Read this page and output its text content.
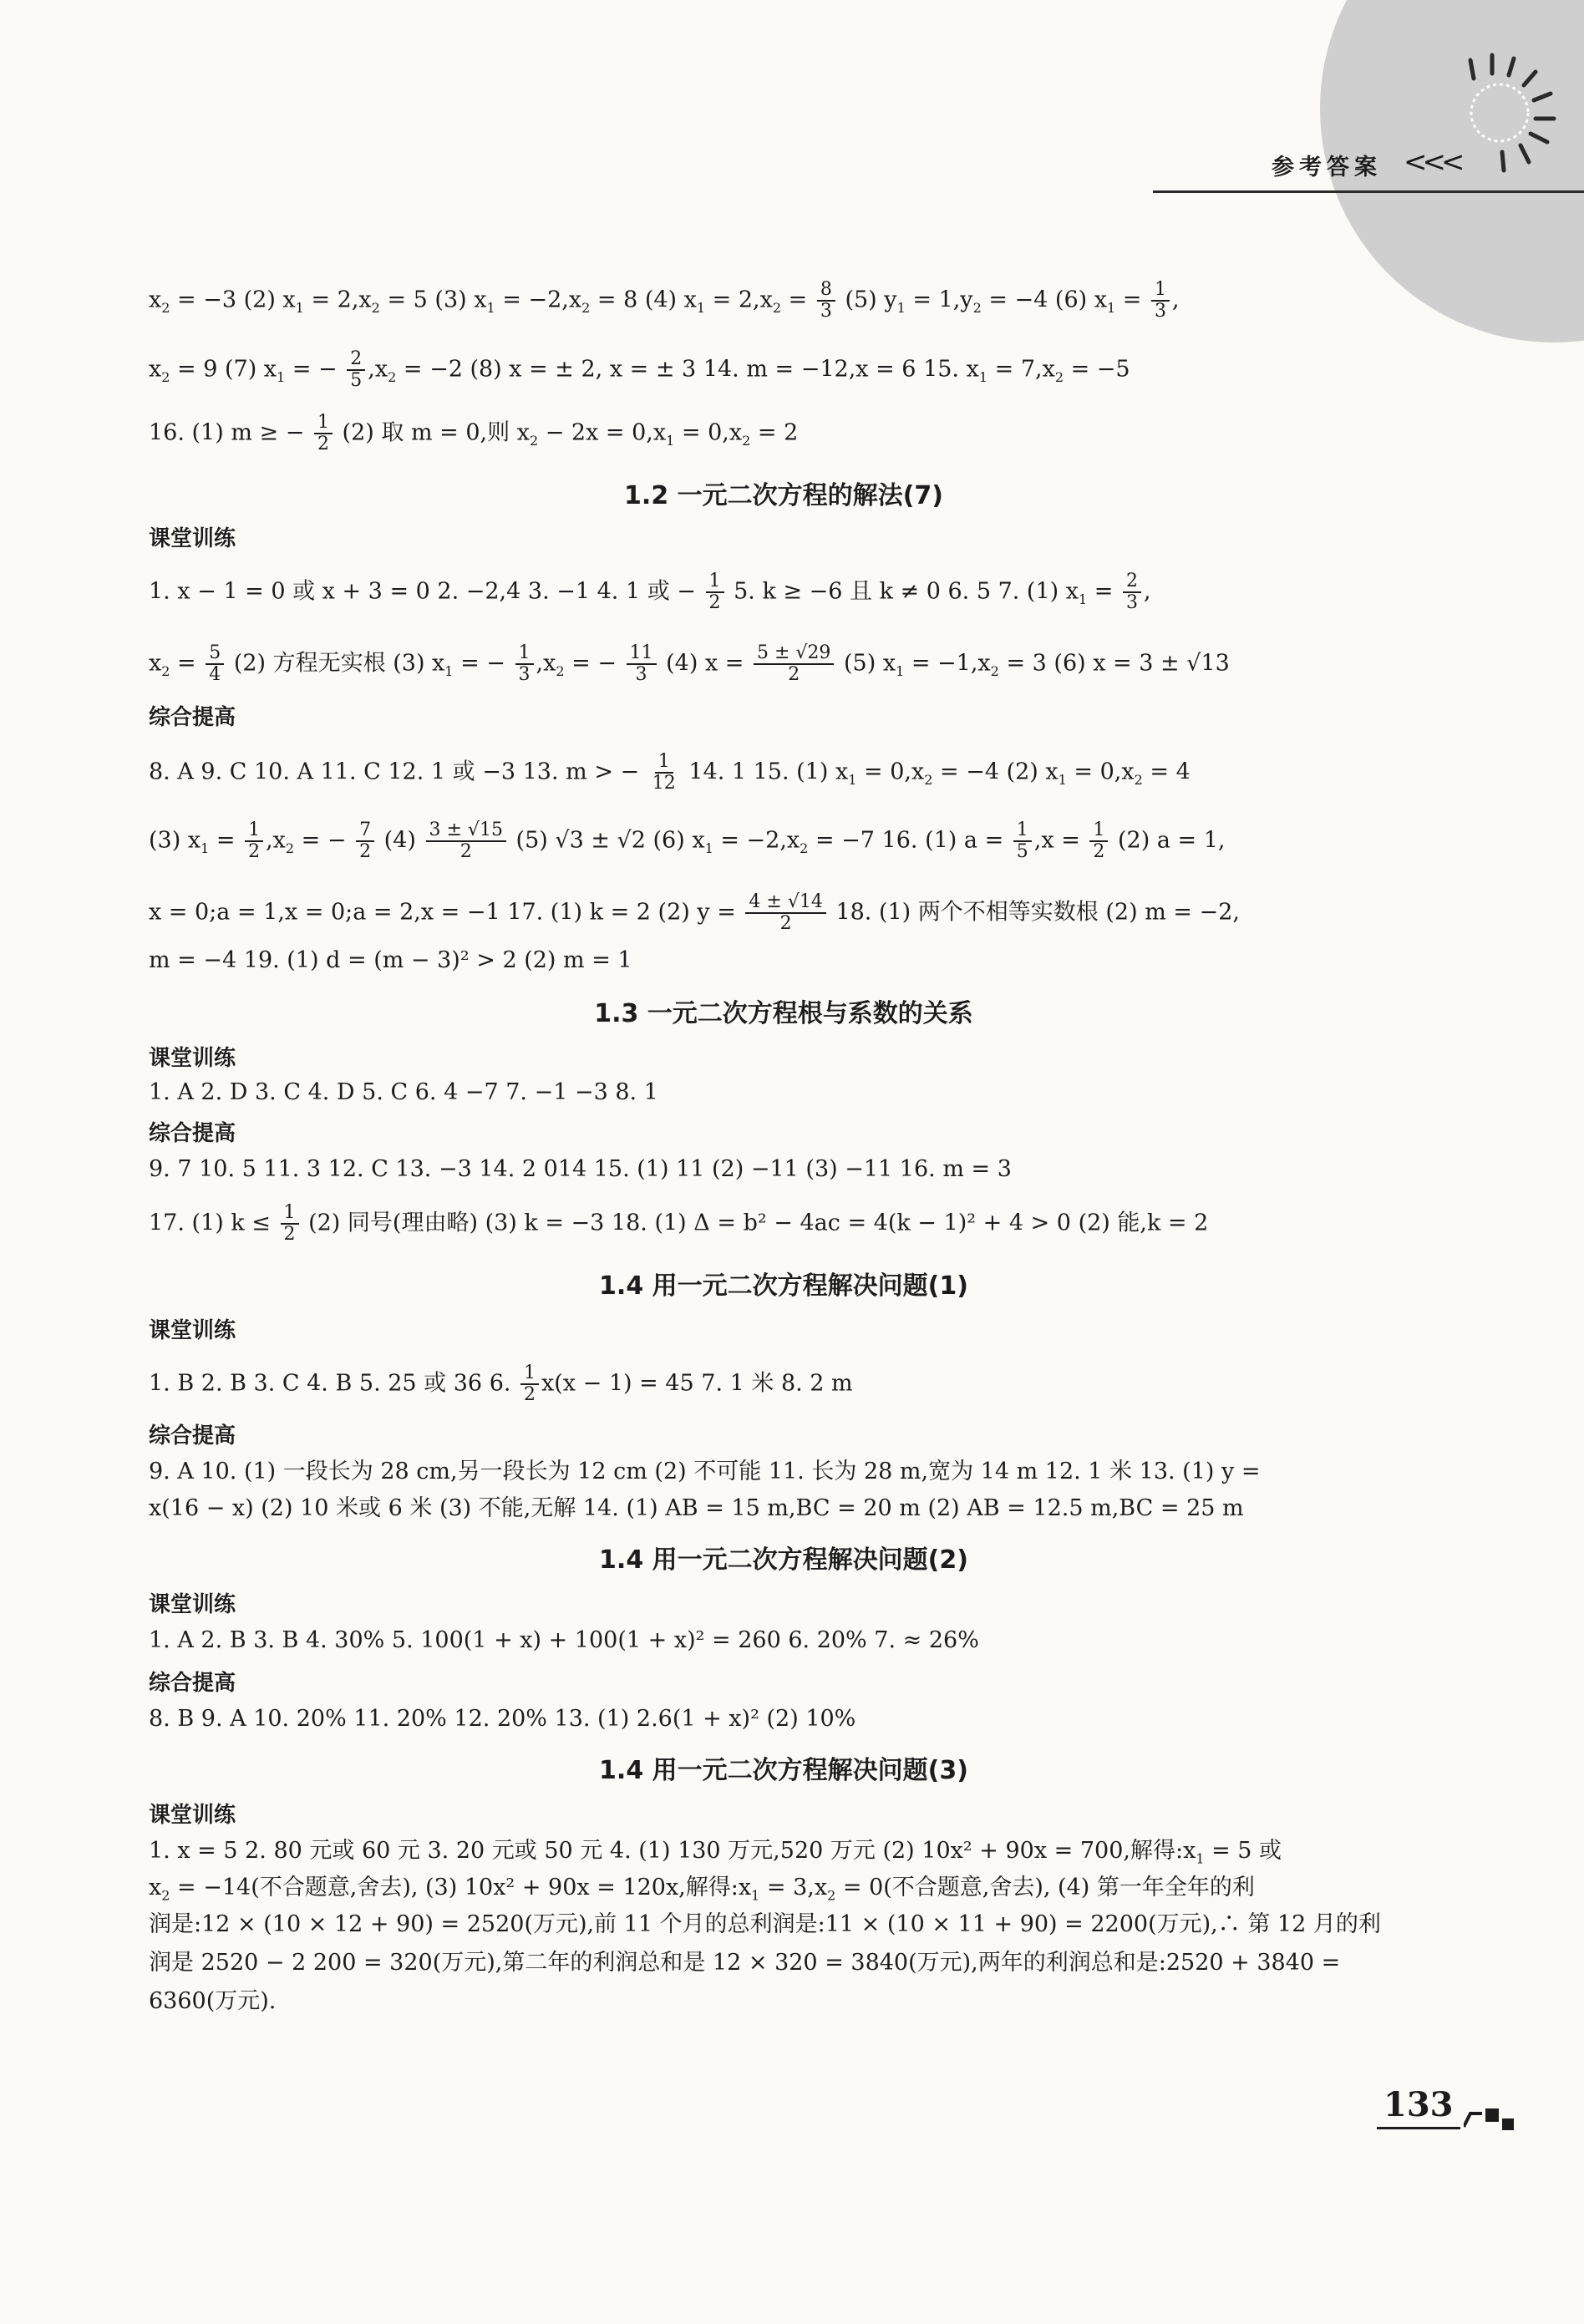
参考答案 <<<
$x_2 = -3$ (2) $x_1 = 2,x_2 = 5$ (3) $x_1 = -2,x_2 = 8$ (4) $x_1 = 2,x_2 = \frac{8}{3} (5) y_1 = 1,y_2 = -4$ (6) $x_1 = \frac{1}{3}$ ,
$x_2 = 9$ (7) $x_1$ = − $\frac{2}{5} ,x_2 = -2$ (8) x = ± 2, x = ± 3 14. m = −12,x = 6 15. $x_1 = 7,x_2 = -5$
16. (1) m ≥ − $\frac{1}{2} (2)$ 取 m = 0,则 $x_2 - 2x = 0,x_1 = 0,x_2 = 2$
1.2 一元二次方程的解法(7)
课堂训练
1. x − 1 = 0 或 x + 3 = 0 2. −2,4 3. −1 4. 1 或 − $\frac{1}{2} 5$. k ≥ −6 且 k ≠ 0 6. 5 7. (1) $x_1 = \frac{2}{3}$ ,
$x_2 = \frac{5}{4} (2)$ 方程无实根 (3) $x_1$ = − $\frac{1}{3} ,x_2$ = − $\frac{11}{3} (4) x = \frac{5 \pm √29}{2} (5) x_1 = -1,x_2 = 3$ (6) x = 3 ± √13
综合提高
8. A 9. C 10. A 11. C 12. 1 或 −3 13. m > − $\frac{1}{12} 14$. 1 15. (1) $x_1 = 0,x_2 = -4$ (2) $x_1 = 0,x_2 = 4$
(3) $x_1 = \frac{1}{2} ,x_2$ = − $\frac{7}{2} (4) \frac{3 \pm √15}{2} (5) √3 \pm √2$ (6) $x_1 = -2,x_2 = -7$ 16. (1) $a = \frac{1}{5} ,x = \frac{1}{2} (2) a = 1$,
x = 0;a = 1,x = 0;a = 2,x = −1 17. (1) k = 2 (2) $y = \frac{4 \pm √14}{2} 18$. (1) 两个不相等实数根 (2) m = −2,
m = −4 19. (1) d = (m − 3)² > 2 (2) m = 1
1.3 一元二次方程根与系数的关系
课堂训练
1. A 2. D 3. C 4. D 5. C 6. 4 −7 7. −1 −3 8. 1
综合提高
9. 7 10. 5 11. 3 12. C 13. −3 14. 2 014 15. (1) 11 (2) −11 (3) −11 16. m = 3
17. (1) $k \le \frac{1}{2} (2)$ 同号(理由略) (3) k = −3 18. (1) Δ = b² − 4ac = 4(k − 1)² + 4 > 0 (2) 能,k = 2
1.4 用一元二次方程解决问题(1)
课堂训练
1. B 2. B 3. C 4. B 5. 25 或 36 6. $\frac{1}{2} x(x - 1) = 45$ 7. 1 米 8. 2 m
综合提高
9. A 10. (1) 一段长为 28 cm,另一段长为 12 cm (2) 不可能 11. 长为 28 m,宽为 14 m 12. 1 米 13. (1) y =
x(16 − x) (2) 10 米或 6 米 (3) 不能,无解 14. (1) AB = 15 m,BC = 20 m (2) AB = 12.5 m,BC = 25 m
1.4 用一元二次方程解决问题(2)
课堂训练
1. A 2. B 3. B 4. 30% 5. 100(1 + x) + 100(1 + x)² = 260 6. 20% 7. ≈ 26%
综合提高
8. B 9. A 10. 20% 11. 20% 12. 20% 13. (1) 2.6(1 + x)² (2) 10%
1.4 用一元二次方程解决问题(3)
课堂训练
1. x = 5 2. 80 元或 60 元 3. 20 元或 50 元 4. (1) 130 万元,520 万元 (2) 10x² + 90x = 700,解得$:x_1 = 5$ 或
$x_2 = -14$(不合题意,舍去), (3) 10x² + 90x = 120x,解得$:x_1 = 3,x_2 = 0$(不合题意,舍去), (4) 第一年全年的利
润是:12 × (10 × 12 + 90) = 2520(万元),前 11 个月的总利润是:11 × (10 × 11 + 90) = 2200(万元),∴ 第 12 月的利
润是 2520 − 2 200 = 320(万元),第二年的利润总和是 12 × 320 = 3840(万元),两年的利润总和是:2520 + 3840 =
6360(万元).
133
